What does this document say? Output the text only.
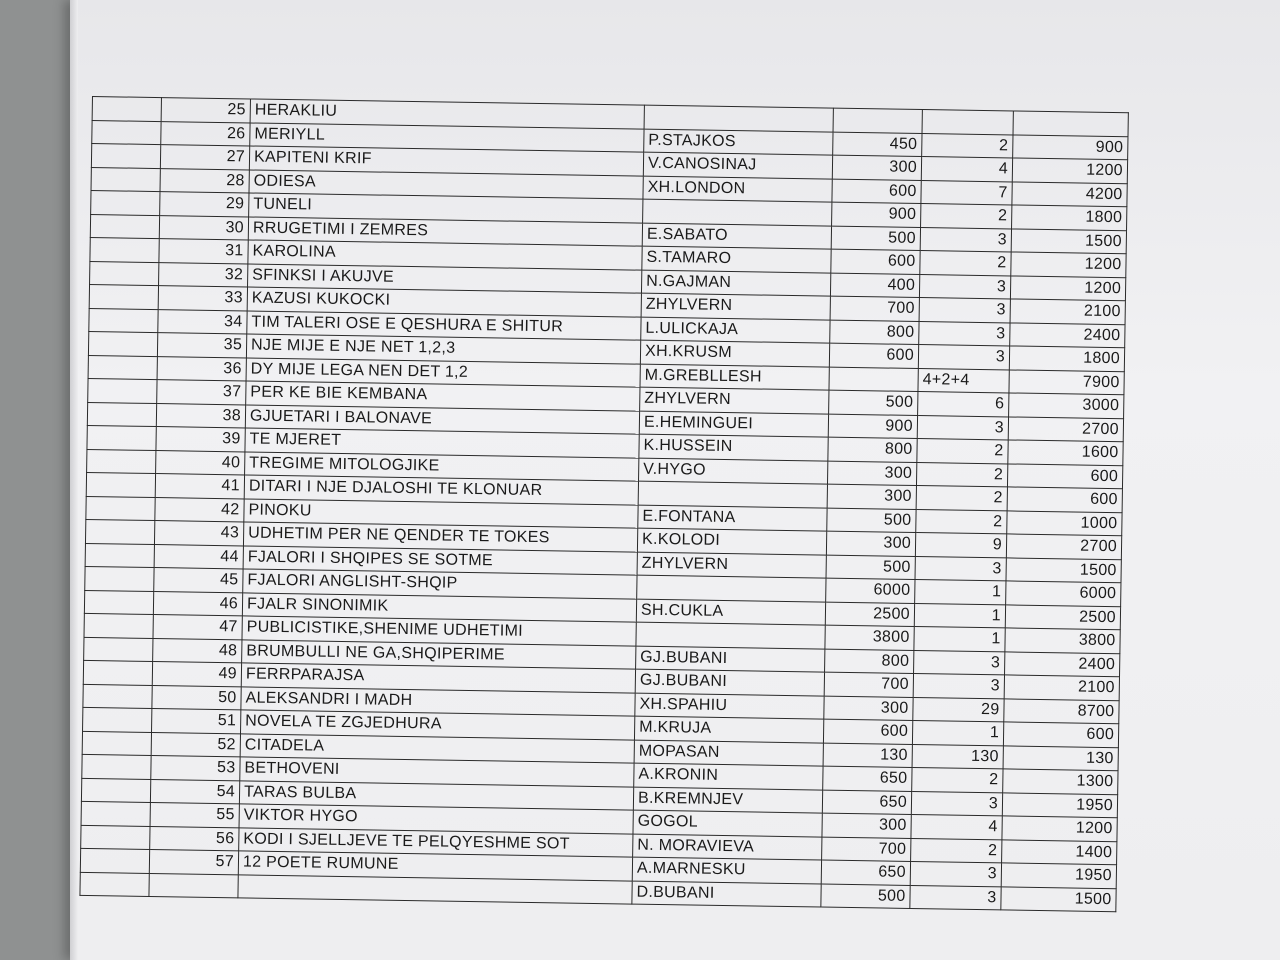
	25	HERAKLIU				
	26	MERIYLL	P.STAJKOS	450	2	900
	27	KAPITENI KRIF	V.CANOSINAJ	300	4	1200
	28	ODIESA	XH.LONDON	600	7	4200
	29	TUNELI		900	2	1800
	30	RRUGETIMI I ZEMRES	E.SABATO	500	3	1500
	31	KAROLINA	S.TAMARO	600	2	1200
	32	SFINKSI I AKUJVE	N.GAJMAN	400	3	1200
	33	KAZUSI KUKOCKI	ZHYLVERN	700	3	2100
	34	TIM TALERI OSE E QESHURA E SHITUR	L.ULICKAJA	800	3	2400
	35	NJE MIJE E NJE NET 1,2,3	XH.KRUSM	600	3	1800
	36	DY MIJE LEGA NEN DET 1,2	M.GREBLLESH		4+2+4	7900
	37	PER KE BIE KEMBANA	ZHYLVERN	500	6	3000
	38	GJUETARI I BALONAVE	E.HEMINGUEI	900	3	2700
	39	TE MJERET	K.HUSSEIN	800	2	1600
	40	TREGIME MITOLOGJIKE	V.HYGO	300	2	600
	41	DITARI I NJE DJALOSHI TE KLONUAR		300	2	600
	42	PINOKU	E.FONTANA	500	2	1000
	43	UDHETIM PER NE QENDER TE TOKES	K.KOLODI	300	9	2700
	44	FJALORI I SHQIPES SE SOTME	ZHYLVERN	500	3	1500
	45	FJALORI ANGLISHT-SHQIP		6000	1	6000
	46	FJALR SINONIMIK	SH.CUKLA	2500	1	2500
	47	PUBLICISTIKE,SHENIME UDHETIMI		3800	1	3800
	48	BRUMBULLI NE GA,SHQIPERIME	GJ.BUBANI	800	3	2400
	49	FERRPARAJSA	GJ.BUBANI	700	3	2100
	50	ALEKSANDRI I MADH	XH.SPAHIU	300	29	8700
	51	NOVELA TE ZGJEDHURA	M.KRUJA	600	1	600
	52	CITADELA	MOPASAN	130	130	130
	53	BETHOVENI	A.KRONIN	650	2	1300
	54	TARAS BULBA	B.KREMNJEV	650	3	1950
	55	VIKTOR HYGO	GOGOL	300	4	1200
	56	KODI I SJELLJEVE TE PELQYESHME SOT	N. MORAVIEVA	700	2	1400
	57	12 POETE RUMUNE	A.MARNESKU	650	3	1950
			D.BUBANI	500	3	1500
